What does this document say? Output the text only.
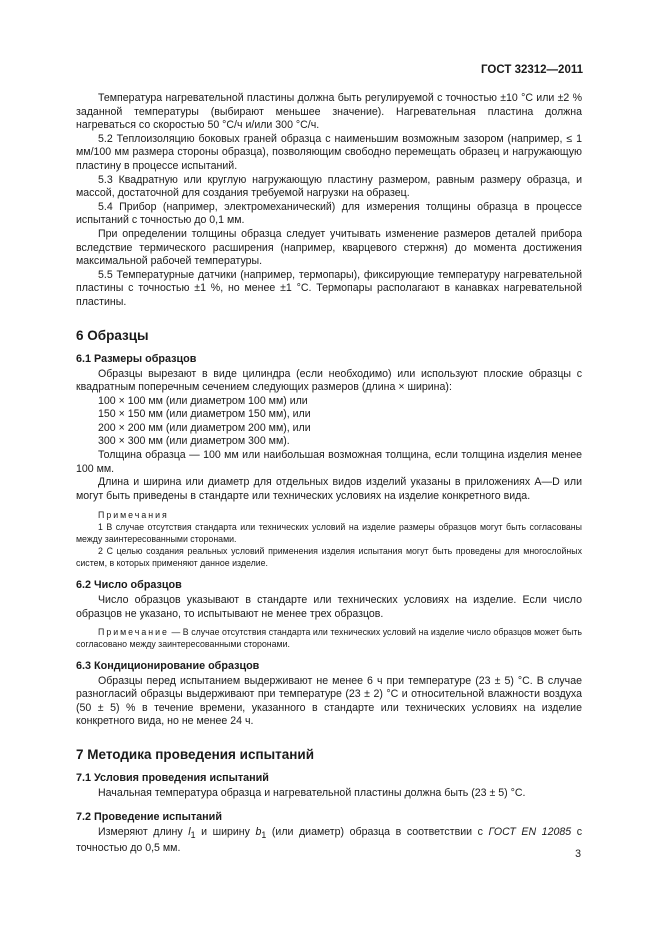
ГОСТ 32312—2011

Температура нагревательной пластины должна быть регулируемой с точностью ±10 °С или ±2 % заданной температуры (выбирают меньшее значение). Нагревательная пластина должна нагреваться со скоростью 50 °С/ч и/или 300 °С/ч.

5.2 Теплоизоляцию боковых граней образца с наименьшим возможным зазором (например, ≤ 1 мм/100 мм размера стороны образца), позволяющим свободно перемещать образец и нагружающую пластину в процессе испытаний.

5.3 Квадратную или круглую нагружающую пластину размером, равным размеру образца, и массой, достаточной для создания требуемой нагрузки на образец.

5.4 Прибор (например, электромеханический) для измерения толщины образца в процессе испытаний с точностью до 0,1 мм.

При определении толщины образца следует учитывать изменение размеров деталей прибора вследствие термического расширения (например, кварцевого стержня) до момента достижения максимальной рабочей температуры.

5.5 Температурные датчики (например, термопары), фиксирующие температуру нагревательной пластины с точностью ±1 %, но менее ±1 °С. Термопары располагают в канавках нагревательной пластины.

6 Образцы
6.1 Размеры образцов

Образцы вырезают в виде цилиндра (если необходимо) или используют плоские образцы с квадратным поперечным сечением следующих размеров (длина × ширина):

100 × 100 мм (или диаметром 100 мм) или

150 × 150 мм (или диаметром 150 мм), или

200 × 200 мм (или диаметром 200 мм), или

300 × 300 мм (или диаметром 300 мм).

Толщина образца — 100 мм или наибольшая возможная толщина, если толщина изделия менее 100 мм.

Длина и ширина или диаметр для отдельных видов изделий указаны в приложениях А—D или могут быть приведены в стандарте или технических условиях на изделие конкретного вида.

Примечания

1 В случае отсутствия стандарта или технических условий на изделие размеры образцов могут быть согласованы между заинтересованными сторонами.

2 С целью создания реальных условий применения изделия испытания могут быть проведены для многослойных систем, в которых применяют данное изделие.

6.2 Число образцов

Число образцов указывают в стандарте или технических условиях на изделие. Если число образцов не указано, то испытывают не менее трех образцов.

Примечание — В случае отсутствия стандарта или технических условий на изделие число образцов может быть согласовано между заинтересованными сторонами.

6.3 Кондиционирование образцов

Образцы перед испытанием выдерживают не менее 6 ч при температуре (23 ± 5) °С. В случае разногласий образцы выдерживают при температуре (23 ± 2) °С и относительной влажности воздуха (50 ± 5) % в течение времени, указанного в стандарте или технических условиях на изделие конкретного вида, но не менее 24 ч.

7 Методика проведения испытаний
7.1 Условия проведения испытаний

Начальная температура образца и нагревательной пластины должна быть (23 ± 5) °С.

7.2 Проведение испытаний

Измеряют длину $l_1$ и ширину $b_1$ (или диаметр) образца в соответствии с ГОСТ EN 12085 с точностью до 0,5 мм.	3
